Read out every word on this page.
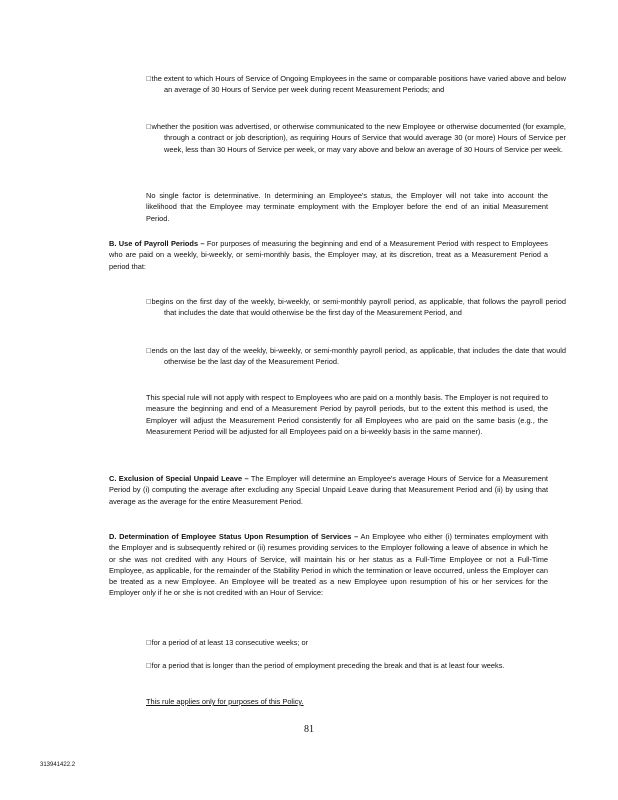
the extent to which Hours of Service of Ongoing Employees in the same or comparable positions have varied above and below an average of 30 Hours of Service per week during recent Measurement Periods; and
whether the position was advertised, or otherwise communicated to the new Employee or otherwise documented (for example, through a contract or job description), as requiring Hours of Service that would average 30 (or more) Hours of Service per week, less than 30 Hours of Service per week, or may vary above and below an average of 30 Hours of Service per week.
No single factor is determinative. In determining an Employee's status, the Employer will not take into account the likelihood that the Employee may terminate employment with the Employer before the end of an initial Measurement Period.
B. Use of Payroll Periods – For purposes of measuring the beginning and end of a Measurement Period with respect to Employees who are paid on a weekly, bi-weekly, or semi-monthly basis, the Employer may, at its discretion, treat as a Measurement Period a period that:
begins on the first day of the weekly, bi-weekly, or semi-monthly payroll period, as applicable, that follows the payroll period that includes the date that would otherwise be the first day of the Measurement Period, and
ends on the last day of the weekly, bi-weekly, or semi-monthly payroll period, as applicable, that includes the date that would otherwise be the last day of the Measurement Period.
This special rule will not apply with respect to Employees who are paid on a monthly basis. The Employer is not required to measure the beginning and end of a Measurement Period by payroll periods, but to the extent this method is used, the Employer will adjust the Measurement Period consistently for all Employees who are paid on the same basis (e.g., the Measurement Period will be adjusted for all Employees paid on a bi-weekly basis in the same manner).
C. Exclusion of Special Unpaid Leave – The Employer will determine an Employee's average Hours of Service for a Measurement Period by (i) computing the average after excluding any Special Unpaid Leave during that Measurement Period and (ii) by using that average as the average for the entire Measurement Period.
D. Determination of Employee Status Upon Resumption of Services – An Employee who either (i) terminates employment with the Employer and is subsequently rehired or (ii) resumes providing services to the Employer following a leave of absence in which he or she was not credited with any Hours of Service, will maintain his or her status as a Full-Time Employee or not a Full-Time Employee, as applicable, for the remainder of the Stability Period in which the termination or leave occurred, unless the Employer can be treated as a new Employee. An Employee will be treated as a new Employee upon resumption of his or her services for the Employer only if he or she is not credited with an Hour of Service:
for a period of at least 13 consecutive weeks; or
for a period that is longer than the period of employment preceding the break and that is at least four weeks.
This rule applies only for purposes of this Policy.
81
313941422.2
